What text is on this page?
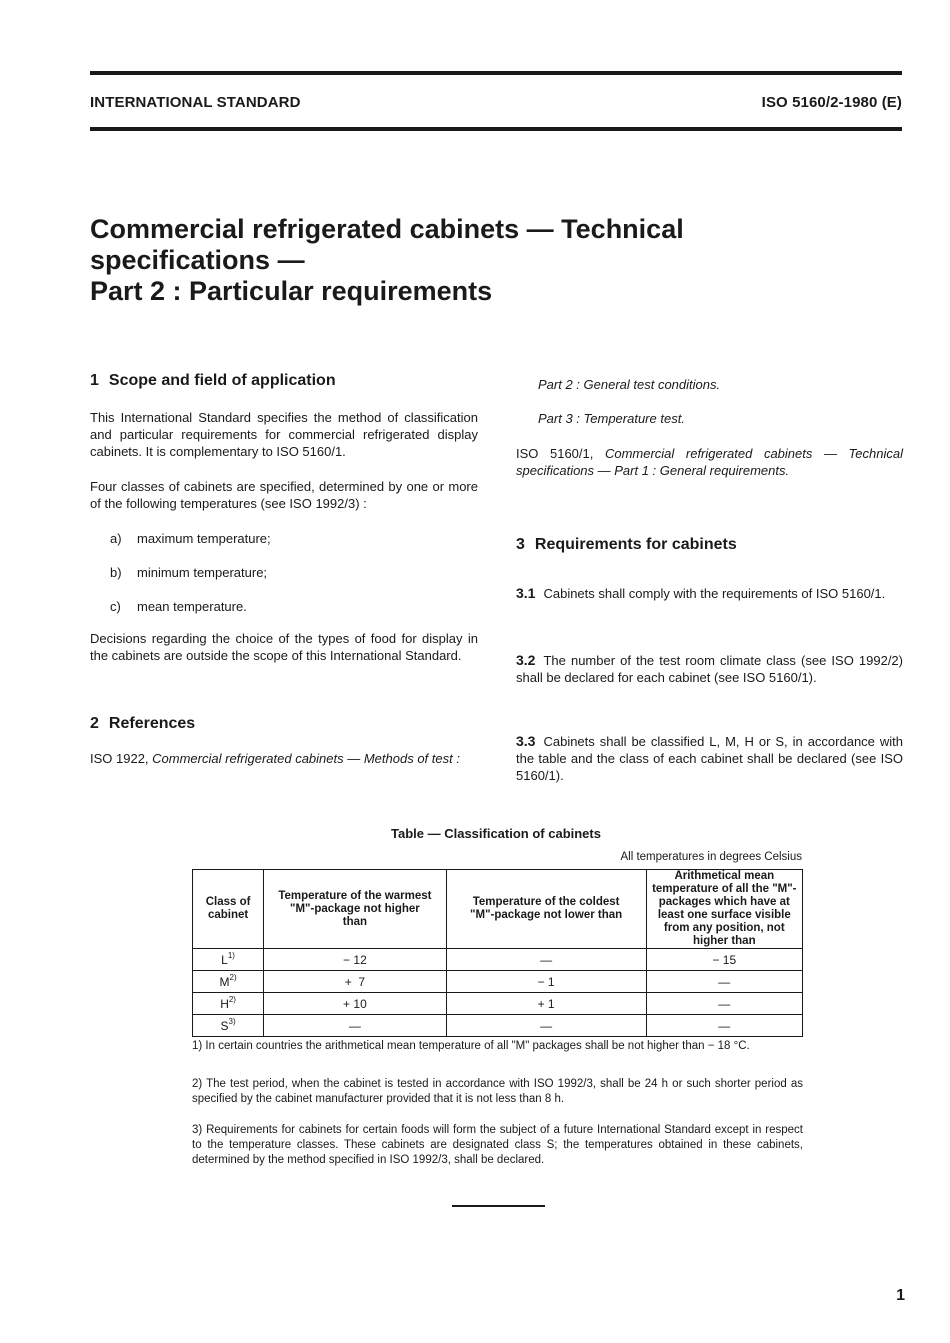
INTERNATIONAL STANDARD	ISO 5160/2-1980 (E)
Commercial refrigerated cabinets — Technical
specifications —
Part 2 : Particular requirements

1 Scope and field of application

This International Standard specifies the method of classification and particular requirements for commercial refrigerated display cabinets. It is complementary to ISO 5160/1.

Four classes of cabinets are specified, determined by one or more of the following temperatures (see ISO 1992/3) :

a) maximum temperature;
b) minimum temperature;
c) mean temperature.

Decisions regarding the choice of the types of food for display in the cabinets are outside the scope of this International Standard.

2 References

ISO 1922, Commercial refrigerated cabinets — Methods of test :

Part 2 : General test conditions.

Part 3 : Temperature test.

ISO 5160/1, Commercial refrigerated cabinets — Technical specifications — Part 1 : General requirements.

3 Requirements for cabinets

3.1 Cabinets shall comply with the requirements of ISO 5160/1.

3.2 The number of the test room climate class (see ISO 1992/2) shall be declared for each cabinet (see ISO 5160/1).

3.3 Cabinets shall be classified L, M, H or S, in accordance with the table and the class of each cabinet shall be declared (see ISO 5160/1).

Table — Classification of cabinets
All temperatures in degrees Celsius
Class of cabinet	Temperature of the warmest "M"-package not higher than	Temperature of the coldest "M"-package not lower than	Arithmetical mean temperature of all the "M"-packages which have at least one surface visible from any position, not higher than
$L^{1)}$	− 12	—	− 15
$M^{2)}$	+  7	− 1	—
$H^{2)}$	+ 10	+ 1	—
$S^{3)}$	—	—	—
1) In certain countries the arithmetical mean temperature of all "M" packages shall be not higher than − 18 °C.
2) The test period, when the cabinet is tested in accordance with ISO 1992/3, shall be 24 h or such shorter period as specified by the cabinet manufacturer provided that it is not less than 8 h.
3) Requirements for cabinets for certain foods will form the subject of a future International Standard except in respect to the temperature classes. These cabinets are designated class S; the temperatures obtained in these cabinets, determined by the method specified in ISO 1992/3, shall be declared.
1
